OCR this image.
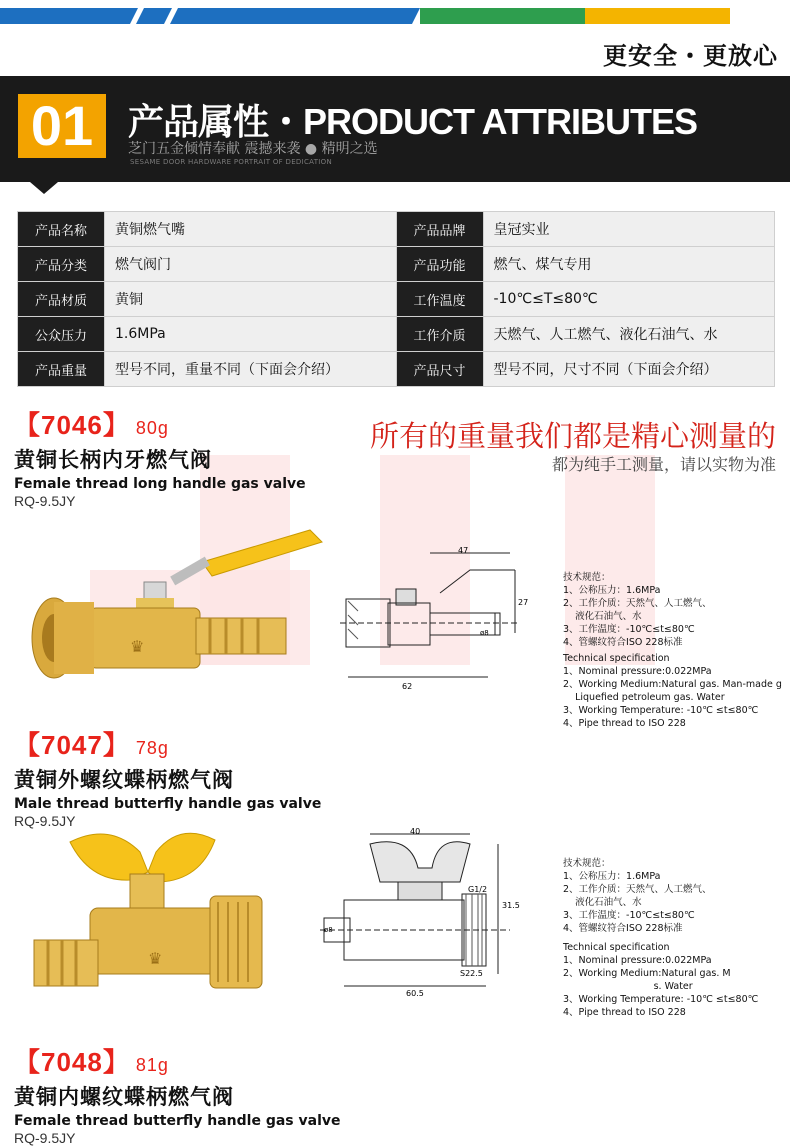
更安全・更放心
01 产品属性・PRODUCT ATTRIBUTES
芝门五金倾情奉献 震撼来袭 ● 精明之选
SESAME DOOR HARDWARE PORTRAIT OF DEDICATION
产品名称	黄铜燃气嘴	产品品牌	皇冠实业
产品分类	燃气阀门	产品功能	燃气、煤气专用
产品材质	黄铜	工作温度	-10℃≤T≤80℃
公众压力	1.6MPa	工作介质	天燃气、人工燃气、液化石油气、水
产品重量	型号不同，重量不同（下面会介绍）	产品尺寸	型号不同，尺寸不同（下面会介绍）
所有的重量我们都是精心测量的
都为纯手工测量，请以实物为准
【7046】 80g
黄铜长柄内牙燃气阀
Female thread long handle gas valve
RQ-9.5JY
♛
47
27
62
ø8

技术规范：
1、公称压力：1.6MPa
2、工作介质：天然气、人工燃气、
液化石油气、水
3、工作温度：-10℃≤t≤80℃
4、管螺纹符合ISO 228标准

Technical specification
1、Nominal pressure:0.022MPa
2、Working Medium:Natural gas. Man-made g
Liquefied petroleum gas. Water
3、Working Temperature: -10℃ ≤t≤80℃
4、Pipe thread to ISO 228

【7047】 78g
黄铜外螺纹蝶柄燃气阀
Male thread butterfly handle gas valve
RQ-9.5JY
♛
40
31.5
60.5
ø8
G1/2
S22.5

技术规范：
1、公称压力：1.6MPa
2、工作介质：天然气、人工燃气、
液化石油气、水
3、工作温度：-10℃≤t≤80℃
4、管螺纹符合ISO 228标准

Technical specification
1、Nominal pressure:0.022MPa
2、Working Medium:Natural gas. M
s. Water
3、Working Temperature: -10℃ ≤t≤80℃
4、Pipe thread to ISO 228

【7048】 81g
黄铜内螺纹蝶柄燃气阀
Female thread butterfly handle gas valve
RQ-9.5JY
